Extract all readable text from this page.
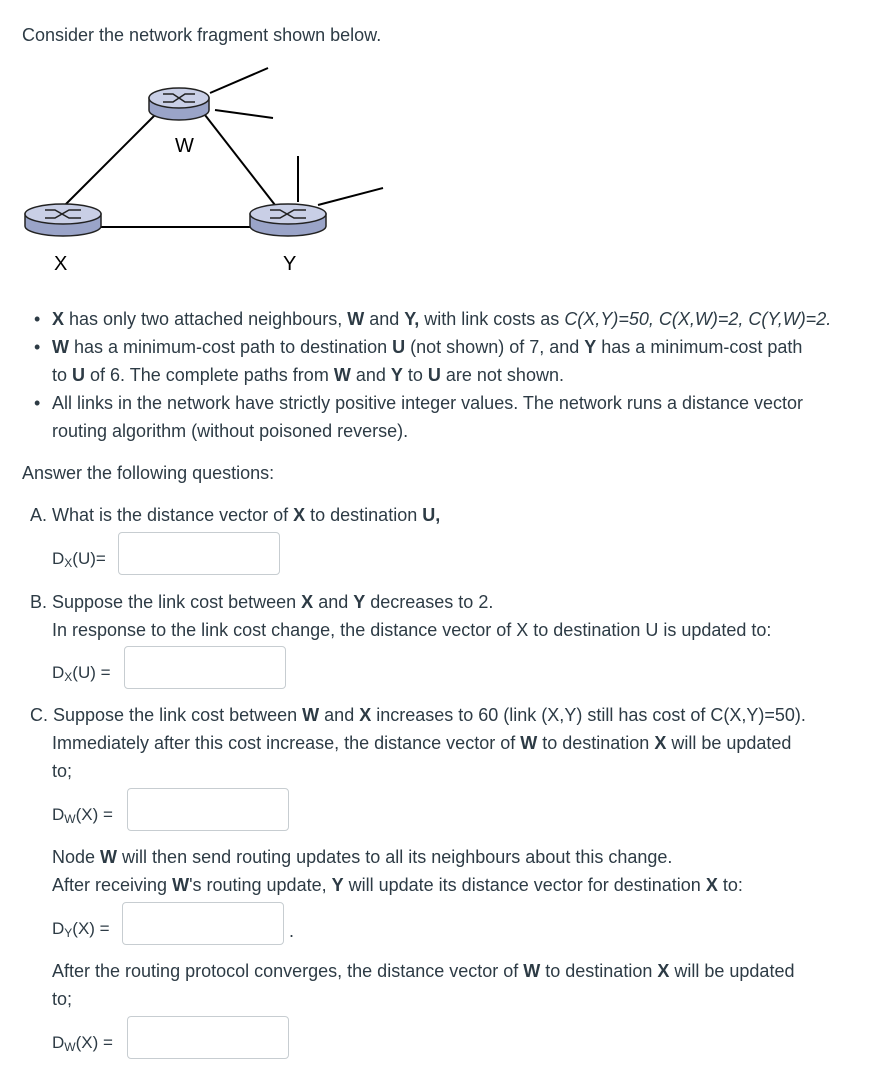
Consider the network fragment shown below.
W
X	Y
• X has only two attached neighbours, W and Y, with link costs as C(X,Y)=50, C(X,W)=2, C(Y,W)=2.
• W has a minimum-cost path to destination U (not shown) of 7, and Y has a minimum-cost path
to U of 6. The complete paths from W and Y to U are not shown.
• All links in the network have strictly positive integer values. The network runs a distance vector
routing algorithm (without poisoned reverse).
Answer the following questions:
A. What is the distance vector of X to destination U,
$D_X(U)=$
B. Suppose the link cost between X and Y decreases to 2.
In response to the link cost change, the distance vector of X to destination U is updated to:
$D_X(U)$ =
C. Suppose the link cost between W and X increases to 60 (link (X,Y) still has cost of C(X,Y)=50).
Immediately after this cost increase, the distance vector of W to destination X will be updated
to;
$D_W(X)$ =
Node W will then send routing updates to all its neighbours about this change.
After receiving W's routing update, Y will update its distance vector for destination X to:
$D_Y(X)$ =	.
After the routing protocol converges, the distance vector of W to destination X will be updated
to;
$D_W(X)$ =
